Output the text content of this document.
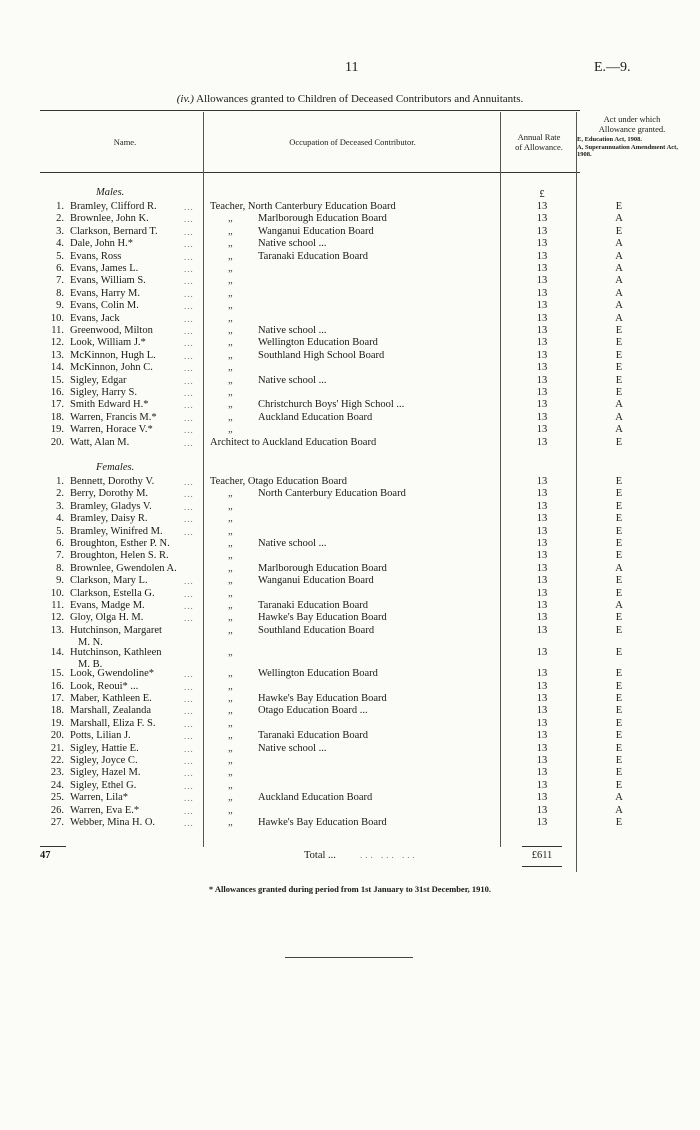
11	E.—9.
(iv.) Allowances granted to Children of Deceased Contributors and Annuitants.
Name.	Occupation of Deceased Contributor.	Annual Rate
of Allowance.
Act under which
Allowance granted.
E, Education Act, 1908.
A, Superannuation Amendment Act, 1908.
Males.	£
Females.
1. Bramley, Clifford R.	... Teacher, North Canterbury Education Board	13	E
2. Brownlee, John K.	...	„ Marlborough Education Board	13	A
3. Clarkson, Bernard T.	...	„ Wanganui Education Board	13	E
4. Dale, John H.*	...	„ Native school ...	13	A
5. Evans, Ross	...	„ Taranaki Education Board	13	A
6. Evans, James L.	...	„	13	A
7. Evans, William S.	...	„	13	A
8. Evans, Harry M.	...	„	13	A
9. Evans, Colin M.	...	„	13	A
10. Evans, Jack	...	„	13	A
11. Greenwood, Milton	...	„ Native school ...	13	E
12. Look, William J.*	...	„ Wellington Education Board	13	E
13. McKinnon, Hugh L.	...	„ Southland High School Board	13	E
14. McKinnon, John C.	...	„	13	E
15. Sigley, Edgar	...	„ Native school ...	13	E
16. Sigley, Harry S.	...	„	13	E
17. Smith Edward H.*	...	„ Christchurch Boys' High School ...	13	A
18. Warren, Francis M.*	...	„ Auckland Education Board	13	A
19. Warren, Horace V.*	...	„	13	A
20. Watt, Alan M.	... Architect to Auckland Education Board	13	E
1. Bennett, Dorothy V.	... Teacher, Otago Education Board	13	E
2. Berry, Dorothy M.	...	„ North Canterbury Education Board	13	E
3. Bramley, Gladys V.	...	„	13	E
4. Bramley, Daisy R.	...	„	13	E
5. Bramley, Winifred M. ...	„	13	E
6. Broughton, Esther P. N.	„ Native school ...	13	E
7. Broughton, Helen S. R.	„	13	E
8. Brownlee, Gwendolen A.	„ Marlborough Education Board	13	A
9. Clarkson, Mary L.	...	„ Wanganui Education Board	13	E
10. Clarkson, Estella G.	...	„	13	E
11. Evans, Madge M.	...	„ Taranaki Education Board	13	A
12. Gloy, Olga H. M.	...	„ Hawke's Bay Education Board	13	E
13. Hutchinson, Margaret	„ Southland Education Board	13	E
M. N.
14. Hutchinson, Kathleen	„	13	E
M. B.
15. Look, Gwendoline*	...	„ Wellington Education Board	13	E
16. Look, Reoui* ...	...	„	13	E
17. Maber, Kathleen E.	...	„ Hawke's Bay Education Board	13	E
18. Marshall, Zealanda	...	„ Otago Education Board ...	13	E
19. Marshall, Eliza F. S.	...	„	13	E
20. Potts, Lilian J.	...	„ Taranaki Education Board	13	E
21. Sigley, Hattie E.	...	„ Native school ...	13	E
22. Sigley, Joyce C.	...	„	13	E
23. Sigley, Hazel M.	...	„	13	E
24. Sigley, Ethel G.	...	„	13	E
25. Warren, Lila*	...	„ Auckland Education Board	13	A
26. Warren, Eva E.*	...	„	13	A
27. Webber, Mina H. O.	...	„ Hawke's Bay Education Board	13	E
47	Total ...	... ... ...	£611
* Allowances granted during period from 1st January to 31st December, 1910.
